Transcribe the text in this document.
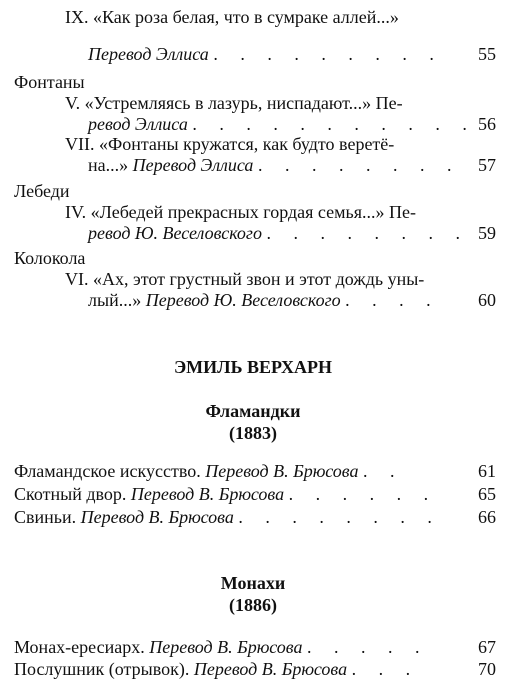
IX. «Как роза белая, что в сумраке аллей...»
Перевод Эллиса . . . . . . . . .	55
Фонтаны
V. «Устремляясь в лазурь, ниспадают...» Пе-
ревод Эллиса . . . . . . . . . . . 56
VII. «Фонтаны кружатся, как будто веретё-
на...» Перевод Эллиса . . . . . . . . 57
Лебеди
IV. «Лебедей прекрасных гордая семья...» Пе-
ревод Ю. Веселовского . . . . . . . . 59
Колокола
VI. «Ах, этот грустный звон и этот дождь уны-
лый...» Перевод Ю. Веселовского . . . .	60
ЭМИЛЬ ВЕРХАРН
Фламандки
(1883)
Фламандское искусство. Перевод В. Брюсова . .	61
Скотный двор. Перевод В. Брюсова . . . . . .	65
Свиньи. Перевод В. Брюсова . . . . . . . .	66
Монахи
(1886)
Монах-ересиарх. Перевод В. Брюсова . . . . .	67
Послушник (отрывок). Перевод В. Брюсова . . .	70
